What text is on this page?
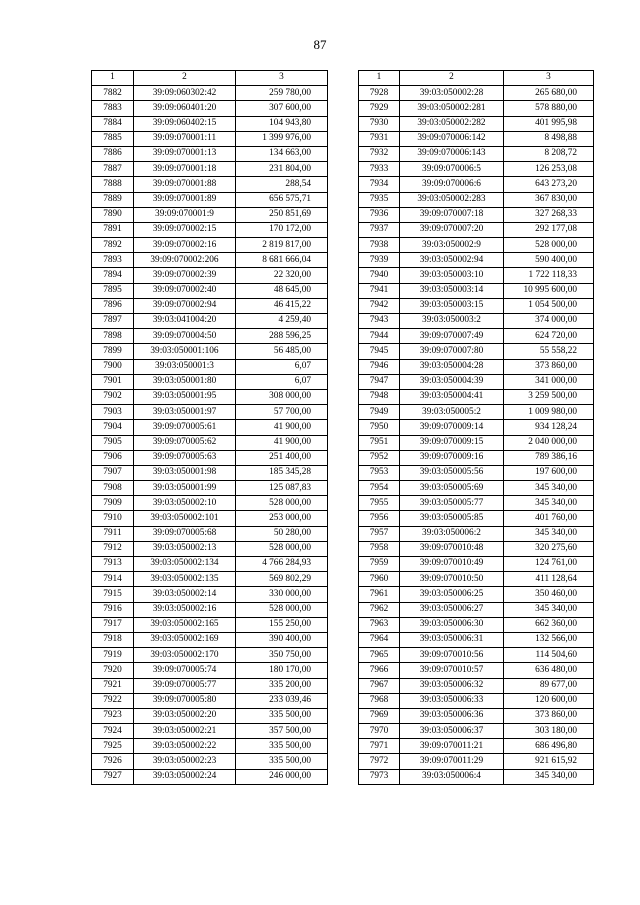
87
1	2	3
7882	39:09:060302:42	259 780,00
7883	39:09:060401:20	307 600,00
7884	39:09:060402:15	104 943,80
7885	39:09:070001:11	1 399 976,00
7886	39:09:070001:13	134 663,00
7887	39:09:070001:18	231 804,00
7888	39:09:070001:88	288,54
7889	39:09:070001:89	656 575,71
7890	39:09:070001:9	250 851,69
7891	39:09:070002:15	170 172,00
7892	39:09:070002:16	2 819 817,00
7893	39:09:070002:206	8 681 666,04
7894	39:09:070002:39	22 320,00
7895	39:09:070002:40	48 645,00
7896	39:09:070002:94	46 415,22
7897	39:03:041004:20	4 259,40
7898	39:09:070004:50	288 596,25
7899	39:03:050001:106	56 485,00
7900	39:03:050001:3	6,07
7901	39:03:050001:80	6,07
7902	39:03:050001:95	308 000,00
7903	39:03:050001:97	57 700,00
7904	39:09:070005:61	41 900,00
7905	39:09:070005:62	41 900,00
7906	39:09:070005:63	251 400,00
7907	39:03:050001:98	185 345,28
7908	39:03:050001:99	125 087,83
7909	39:03:050002:10	528 000,00
7910	39:03:050002:101	253 000,00
7911	39:09:070005:68	50 280,00
7912	39:03:050002:13	528 000,00
7913	39:03:050002:134	4 766 284,93
7914	39:03:050002:135	569 802,29
7915	39:03:050002:14	330 000,00
7916	39:03:050002:16	528 000,00
7917	39:03:050002:165	155 250,00
7918	39:03:050002:169	390 400,00
7919	39:03:050002:170	350 750,00
7920	39:09:070005:74	180 170,00
7921	39:09:070005:77	335 200,00
7922	39:09:070005:80	233 039,46
7923	39:03:050002:20	335 500,00
7924	39:03:050002:21	357 500,00
7925	39:03:050002:22	335 500,00
7926	39:03:050002:23	335 500,00
7927	39:03:050002:24	246 000,00
1	2	3
7928	39:03:050002:28	265 680,00
7929	39:03:050002:281	578 880,00
7930	39:03:050002:282	401 995,98
7931	39:09:070006:142	8 498,88
7932	39:09:070006:143	8 208,72
7933	39:09:070006:5	126 253,08
7934	39:09:070006:6	643 273,20
7935	39:03:050002:283	367 830,00
7936	39:09:070007:18	327 268,33
7937	39:09:070007:20	292 177,08
7938	39:03:050002:9	528 000,00
7939	39:03:050002:94	590 400,00
7940	39:03:050003:10	1 722 118,33
7941	39:03:050003:14	10 995 600,00
7942	39:03:050003:15	1 054 500,00
7943	39:03:050003:2	374 000,00
7944	39:09:070007:49	624 720,00
7945	39:09:070007:80	55 558,22
7946	39:03:050004:28	373 860,00
7947	39:03:050004:39	341 000,00
7948	39:03:050004:41	3 259 500,00
7949	39:03:050005:2	1 009 980,00
7950	39:09:070009:14	934 128,24
7951	39:09:070009:15	2 040 000,00
7952	39:09:070009:16	789 386,16
7953	39:03:050005:56	197 600,00
7954	39:03:050005:69	345 340,00
7955	39:03:050005:77	345 340,00
7956	39:03:050005:85	401 760,00
7957	39:03:050006:2	345 340,00
7958	39:09:070010:48	320 275,60
7959	39:09:070010:49	124 761,00
7960	39:09:070010:50	411 128,64
7961	39:03:050006:25	350 460,00
7962	39:03:050006:27	345 340,00
7963	39:03:050006:30	662 360,00
7964	39:03:050006:31	132 566,00
7965	39:09:070010:56	114 504,60
7966	39:09:070010:57	636 480,00
7967	39:03:050006:32	89 677,00
7968	39:03:050006:33	120 600,00
7969	39:03:050006:36	373 860,00
7970	39:03:050006:37	303 180,00
7971	39:09:070011:21	686 496,80
7972	39:09:070011:29	921 615,92
7973	39:03:050006:4	345 340,00
